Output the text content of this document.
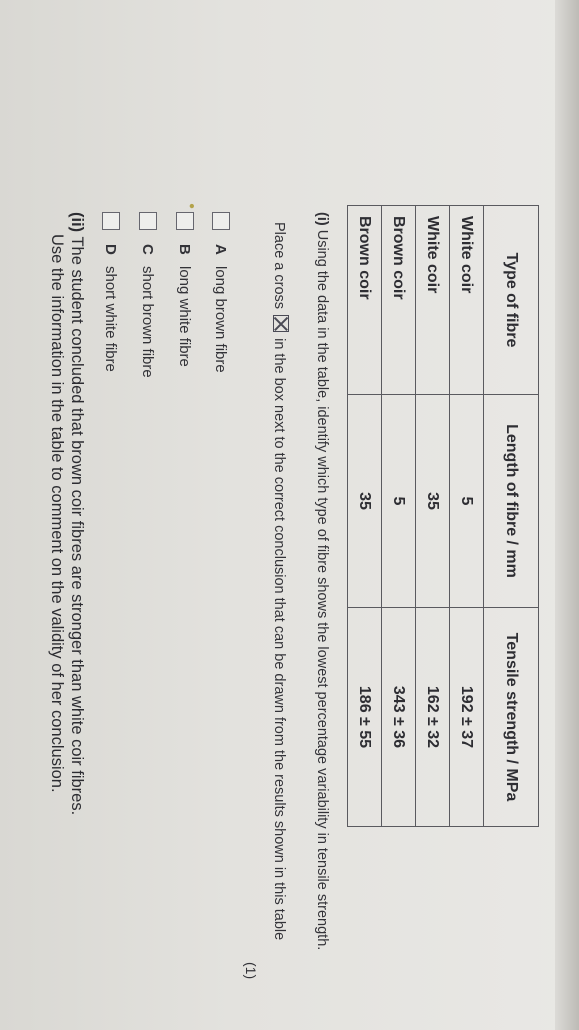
Type of fibre	Length of fibre / mm	Tensile strength / MPa
White coir	5	192 ± 37
White coir	35	162 ± 32
Brown coir	5	343 ± 36
Brown coir	35	186 ± 55
(i) Using the data in the table, identify which type of fibre shows the lowest percentage variability in tensile strength.
Place a cross  in the box next to the correct conclusion that can be drawn from the results shown in this table
(1)
A
long brown fibre
●
B
long white fibre
C
short brown fibre
D
short white fibre
(ii) The student concluded that brown coir fibres are stronger than white coir fibres.
Use the information in the table to comment on the validity of her conclusion.
